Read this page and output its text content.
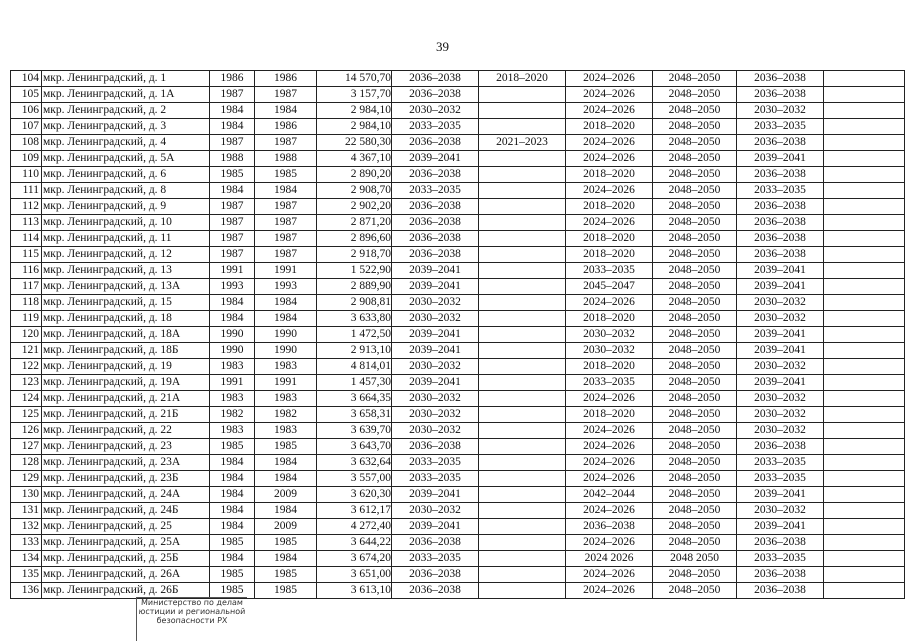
39
104	мкр. Ленинградский, д. 1	1986	1986	14 570,70	2036–2038	2018–2020	2024–2026	2048–2050	2036–2038	
105	мкр. Ленинградский, д. 1А	1987	1987	3 157,70	2036–2038		2024–2026	2048–2050	2036–2038	
106	мкр. Ленинградский, д. 2	1984	1984	2 984,10	2030–2032		2024–2026	2048–2050	2030–2032	
107	мкр. Ленинградский, д. 3	1984	1986	2 984,10	2033–2035		2018–2020	2048–2050	2033–2035	
108	мкр. Ленинградский, д. 4	1987	1987	22 580,30	2036–2038	2021–2023	2024–2026	2048–2050	2036–2038	
109	мкр. Ленинградский, д. 5А	1988	1988	4 367,10	2039–2041		2024–2026	2048–2050	2039–2041	
110	мкр. Ленинградский, д. 6	1985	1985	2 890,20	2036–2038		2018–2020	2048–2050	2036–2038	
111	мкр. Ленинградский, д. 8	1984	1984	2 908,70	2033–2035		2024–2026	2048–2050	2033–2035	
112	мкр. Ленинградский, д. 9	1987	1987	2 902,20	2036–2038		2018–2020	2048–2050	2036–2038	
113	мкр. Ленинградский, д. 10	1987	1987	2 871,20	2036–2038		2024–2026	2048–2050	2036–2038	
114	мкр. Ленинградский, д. 11	1987	1987	2 896,60	2036–2038		2018–2020	2048–2050	2036–2038	
115	мкр. Ленинградский, д. 12	1987	1987	2 918,70	2036–2038		2018–2020	2048–2050	2036–2038	
116	мкр. Ленинградский, д. 13	1991	1991	1 522,90	2039–2041		2033–2035	2048–2050	2039–2041	
117	мкр. Ленинградский, д. 13А	1993	1993	2 889,90	2039–2041		2045–2047	2048–2050	2039–2041	
118	мкр. Ленинградский, д. 15	1984	1984	2 908,81	2030–2032		2024–2026	2048–2050	2030–2032	
119	мкр. Ленинградский, д. 18	1984	1984	3 633,80	2030–2032		2018–2020	2048–2050	2030–2032	
120	мкр. Ленинградский, д. 18А	1990	1990	1 472,50	2039–2041		2030–2032	2048–2050	2039–2041	
121	мкр. Ленинградский, д. 18Б	1990	1990	2 913,10	2039–2041		2030–2032	2048–2050	2039–2041	
122	мкр. Ленинградский, д. 19	1983	1983	4 814,01	2030–2032		2018–2020	2048–2050	2030–2032	
123	мкр. Ленинградский, д. 19А	1991	1991	1 457,30	2039–2041		2033–2035	2048–2050	2039–2041	
124	мкр. Ленинградский, д. 21А	1983	1983	3 664,35	2030–2032		2024–2026	2048–2050	2030–2032	
125	мкр. Ленинградский, д. 21Б	1982	1982	3 658,31	2030–2032		2018–2020	2048–2050	2030–2032	
126	мкр. Ленинградский, д. 22	1983	1983	3 639,70	2030–2032		2024–2026	2048–2050	2030–2032	
127	мкр. Ленинградский, д. 23	1985	1985	3 643,70	2036–2038		2024–2026	2048–2050	2036–2038	
128	мкр. Ленинградский, д. 23А	1984	1984	3 632,64	2033–2035		2024–2026	2048–2050	2033–2035	
129	мкр. Ленинградский, д. 23Б	1984	1984	3 557,00	2033–2035		2024–2026	2048–2050	2033–2035	
130	мкр. Ленинградский, д. 24А	1984	2009	3 620,30	2039–2041		2042–2044	2048–2050	2039–2041	
131	мкр. Ленинградский, д. 24Б	1984	1984	3 612,17	2030–2032		2024–2026	2048–2050	2030–2032	
132	мкр. Ленинградский, д. 25	1984	2009	4 272,40	2039–2041		2036–2038	2048–2050	2039–2041	
133	мкр. Ленинградский, д. 25А	1985	1985	3 644,22	2036–2038		2024–2026	2048–2050	2036–2038	
134	мкр. Ленинградский, д. 25Б	1984	1984	3 674,20	2033–2035		2024 2026	2048 2050	2033–2035	
135	мкр. Ленинградский, д. 26А	1985	1985	3 651,00	2036–2038		2024–2026	2048–2050	2036–2038	
136	мкр. Ленинградский, д. 26Б	1985	1985	3 613,10	2036–2038		2024–2026	2048–2050	2036–2038	
Министерство по делам
юстиции и региональной
безопасности РХ
